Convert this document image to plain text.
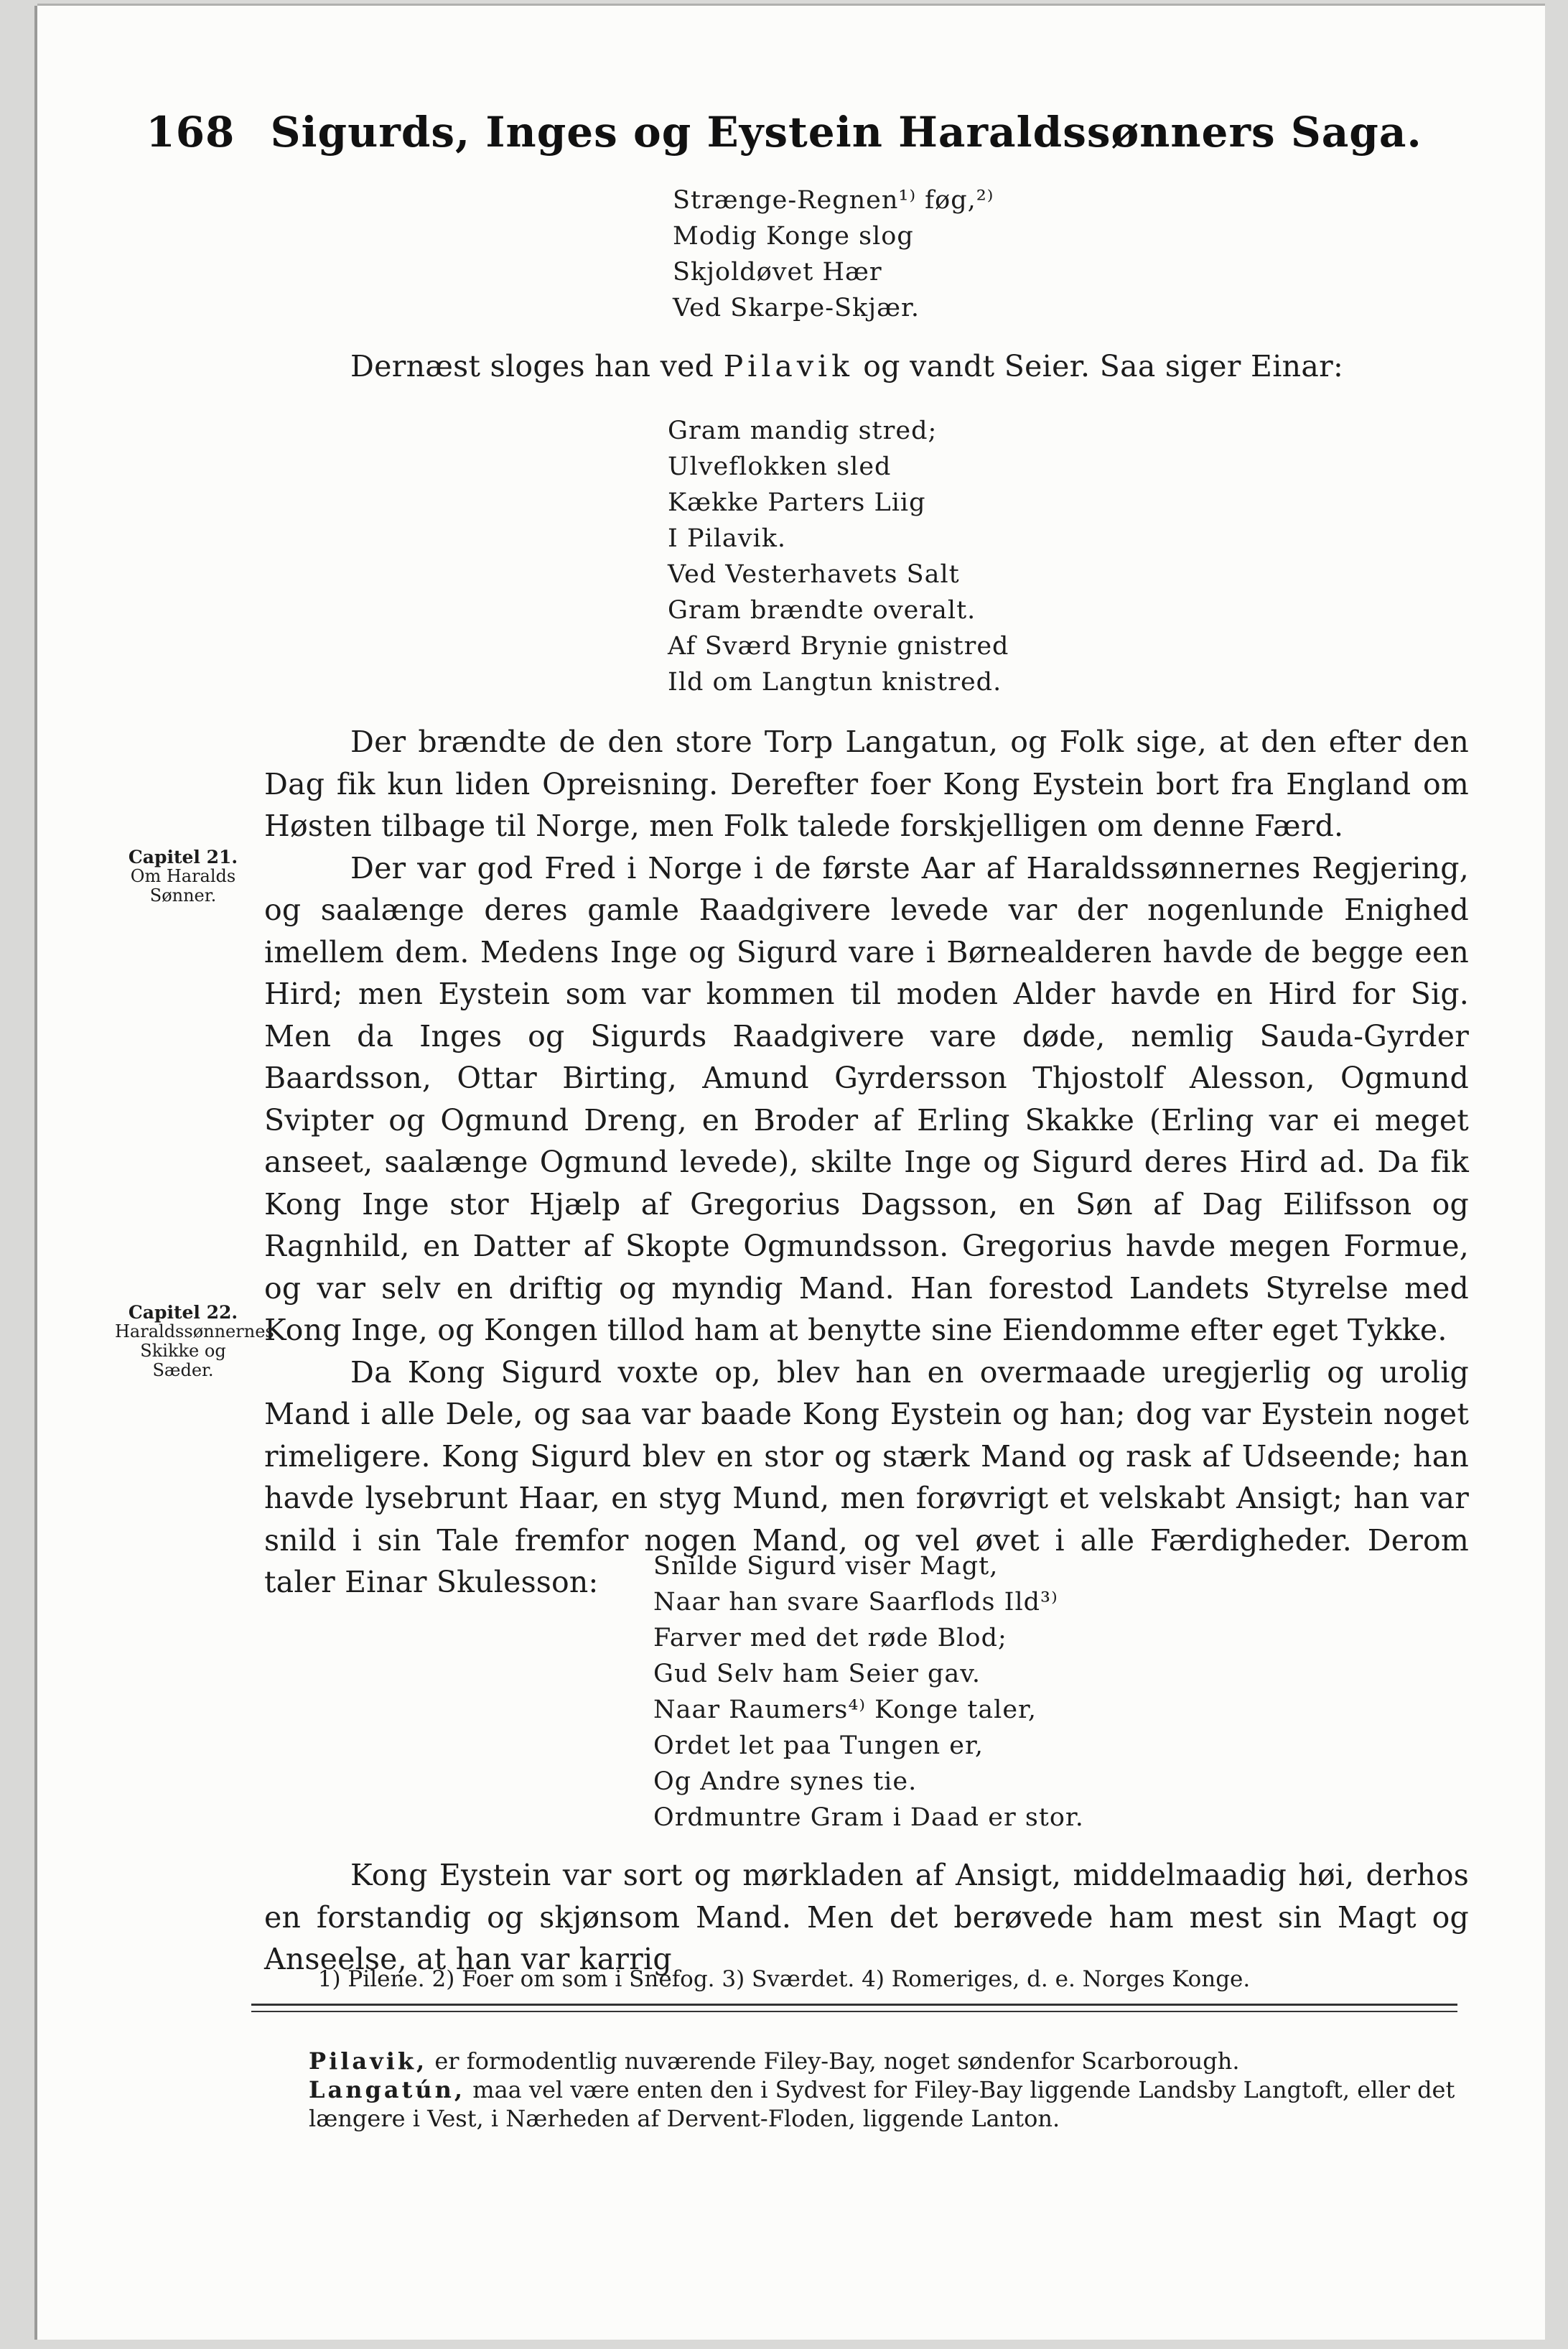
168 Sigurds, Inges og Eystein Haraldssønners Saga.
Strænge-Regnen¹⁾ føg,²⁾
Modig Konge slog
Skjoldøvet Hær
Ved Skarpe-Skjær.
Dernæst sloges han ved Pilavik og vandt Seier. Saa siger Einar:
Gram mandig stred;
Ulveflokken sled
Kække Parters Liig
I Pilavik.
Ved Vesterhavets Salt
Gram brændte overalt.
Af Sværd Brynie gnistred
Ild om Langtun knistred.

Der brændte de den store Torp Langatun, og Folk sige, at den efter den Dag fik kun liden Opreisning. Derefter foer Kong Eystein bort fra England om Høsten tilbage til Norge, men Folk talede forskjelligen om denne Færd.

Der var god Fred i Norge i de første Aar af Haraldssønnernes Regjering, og saalænge deres gamle Raadgivere levede var der nogenlunde Enighed imellem dem. Medens Inge og Sigurd vare i Børnealderen havde de begge een Hird; men Eystein som var kommen til moden Alder havde en Hird for Sig. Men da Inges og Sigurds Raadgivere vare døde, nemlig Sauda-Gyrder Baardsson, Ottar Birting, Amund Gyrdersson Thjostolf Alesson, Ogmund Svipter og Ogmund Dreng, en Broder af Erling Skakke (Erling var ei meget anseet, saalænge Ogmund levede), skilte Inge og Sigurd deres Hird ad. Da fik Kong Inge stor Hjælp af Gregorius Dagsson, en Søn af Dag Eilifsson og Ragnhild, en Datter af Skopte Ogmundsson. Gregorius havde megen Formue, og var selv en driftig og myndig Mand. Han forestod Landets Styrelse med Kong Inge, og Kongen tillod ham at benytte sine Eiendomme efter eget Tykke.

Da Kong Sigurd voxte op, blev han en overmaade uregjerlig og urolig Mand i alle Dele, og saa var baade Kong Eystein og han; dog var Eystein noget rimeligere. Kong Sigurd blev en stor og stærk Mand og rask af Udseende; han havde lysebrunt Haar, en styg Mund, men forøvrigt et velskabt Ansigt; han var snild i sin Tale fremfor nogen Mand, og vel øvet i alle Færdigheder. Derom taler Einar Skulesson:

Capitel 21.
Om Haralds Sønner.
Capitel 22.
Haraldssønnernes Skikke og Sæder.
Snilde Sigurd viser Magt,
Naar han svare Saarflods Ild³⁾
Farver med det røde Blod;
Gud Selv ham Seier gav.
Naar Raumers⁴⁾ Konge taler,
Ordet let paa Tungen er,
Og Andre synes tie.
Ordmuntre Gram i Daad er stor.

Kong Eystein var sort og mørkladen af Ansigt, middelmaadig høi, derhos en forstandig og skjønsom Mand. Men det berøvede ham mest sin Magt og Anseelse, at han var karrig

1) Pilene. 2) Foer om som i Snefog. 3) Sværdet. 4) Romeriges, d. e. Norges Konge.

Pilavik, er formodentlig nuværende Filey-Bay, noget søndenfor Scarborough.

Langatún, maa vel være enten den i Sydvest for Filey-Bay liggende Landsby Langtoft, eller det længere i Vest, i Nærheden af Dervent-Floden, liggende Lanton.
